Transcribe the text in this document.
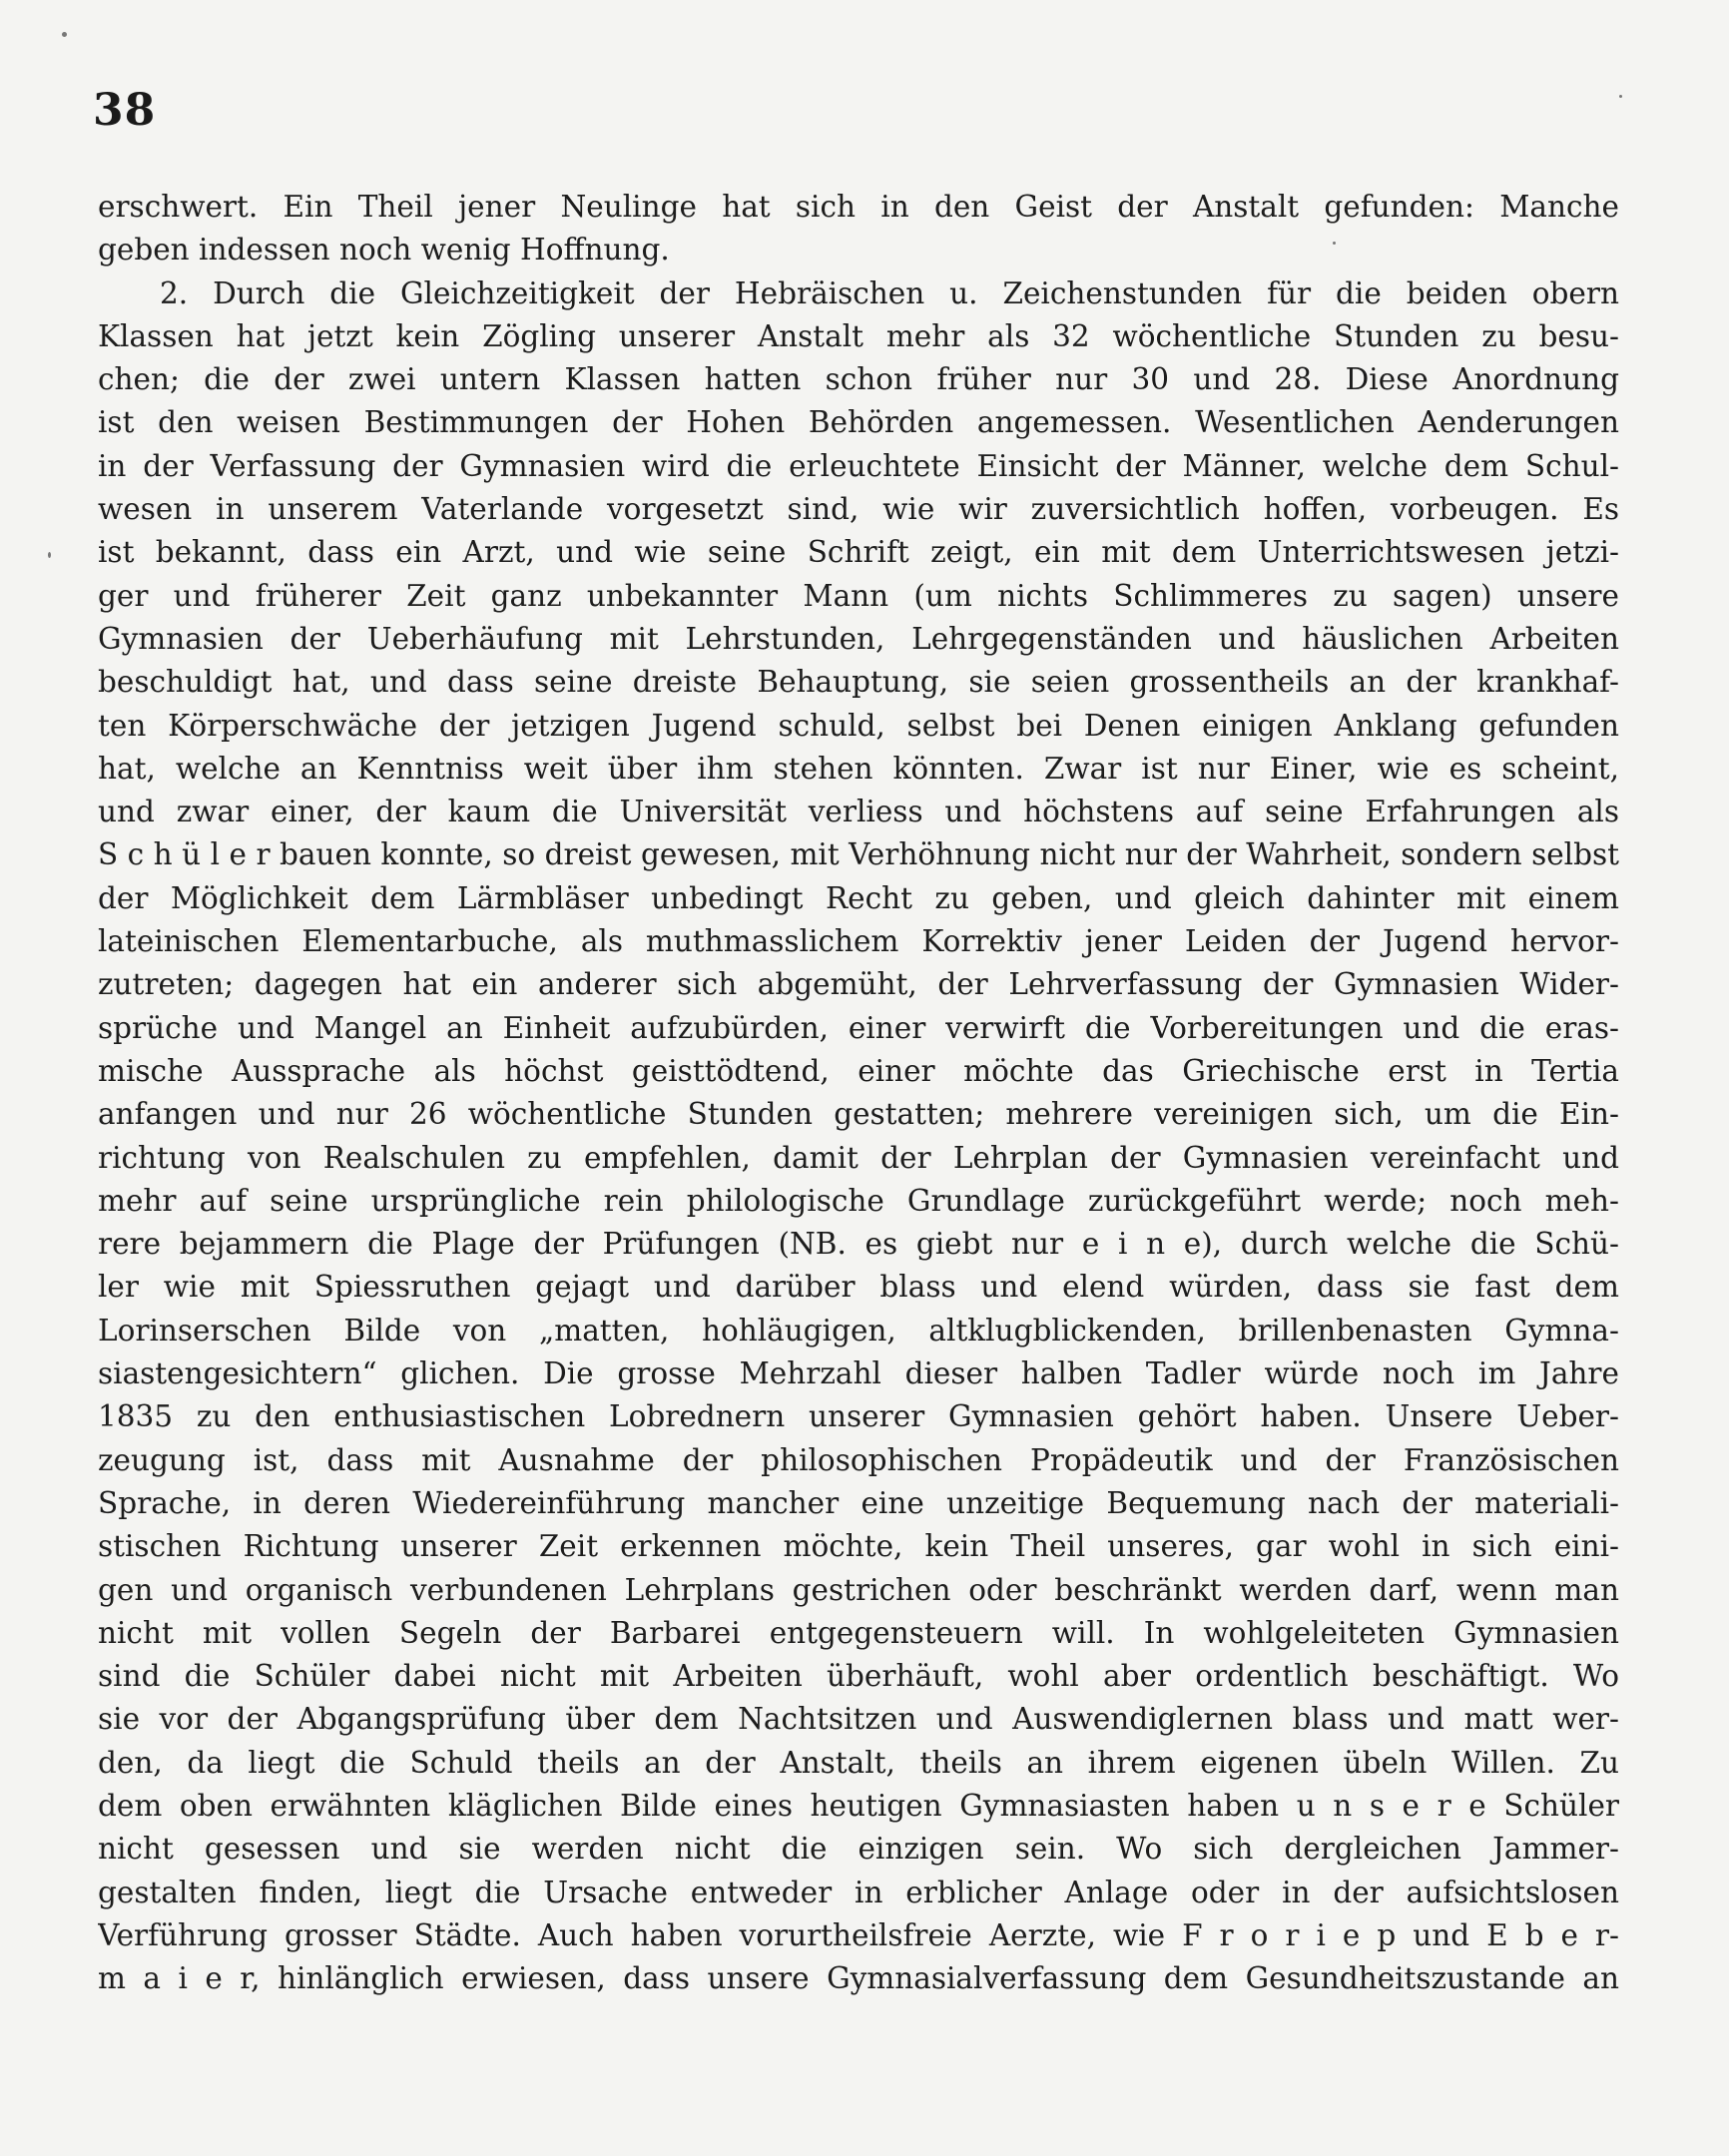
38
erschwert. Ein Theil jener Neulinge hat sich in den Geist der Anstalt gefunden: Manche
geben indessen noch wenig Hoffnung.
2. Durch die Gleichzeitigkeit der Hebräischen u. Zeichenstunden für die beiden obern
Klassen hat jetzt kein Zögling unserer Anstalt mehr als 32 wöchentliche Stunden zu besu-
chen; die der zwei untern Klassen hatten schon früher nur 30 und 28. Diese Anordnung
ist den weisen Bestimmungen der Hohen Behörden angemessen. Wesentlichen Aenderungen
in der Verfassung der Gymnasien wird die erleuchtete Einsicht der Männer, welche dem Schul-
wesen in unserem Vaterlande vorgesetzt sind, wie wir zuversichtlich hoffen, vorbeugen. Es
ist bekannt, dass ein Arzt, und wie seine Schrift zeigt, ein mit dem Unterrichtswesen jetzi-
ger und früherer Zeit ganz unbekannter Mann (um nichts Schlimmeres zu sagen) unsere
Gymnasien der Ueberhäufung mit Lehrstunden, Lehrgegenständen und häuslichen Arbeiten
beschuldigt hat, und dass seine dreiste Behauptung, sie seien grossentheils an der krankhaf-
ten Körperschwäche der jetzigen Jugend schuld, selbst bei Denen einigen Anklang gefunden
hat, welche an Kenntniss weit über ihm stehen könnten. Zwar ist nur Einer, wie es scheint,
und zwar einer, der kaum die Universität verliess und höchstens auf seine Erfahrungen als
S c h ü l e r bauen konnte, so dreist gewesen, mit Verhöhnung nicht nur der Wahrheit, sondern selbst
der Möglichkeit dem Lärmbläser unbedingt Recht zu geben, und gleich dahinter mit einem
lateinischen Elementarbuche, als muthmasslichem Korrektiv jener Leiden der Jugend hervor-
zutreten; dagegen hat ein anderer sich abgemüht, der Lehrverfassung der Gymnasien Wider-
sprüche und Mangel an Einheit aufzubürden, einer verwirft die Vorbereitungen und die eras-
mische Aussprache als höchst geisttödtend, einer möchte das Griechische erst in Tertia
anfangen und nur 26 wöchentliche Stunden gestatten; mehrere vereinigen sich, um die Ein-
richtung von Realschulen zu empfehlen, damit der Lehrplan der Gymnasien vereinfacht und
mehr auf seine ursprüngliche rein philologische Grundlage zurückgeführt werde; noch meh-
rere bejammern die Plage der Prüfungen (NB. es giebt nur e i n e), durch welche die Schü-
ler wie mit Spiessruthen gejagt und darüber blass und elend würden, dass sie fast dem
Lorinserschen Bilde von „matten, hohläugigen, altklugblickenden, brillenbenasten Gymna-
siastengesichtern“ glichen. Die grosse Mehrzahl dieser halben Tadler würde noch im Jahre
1835 zu den enthusiastischen Lobrednern unserer Gymnasien gehört haben. Unsere Ueber-
zeugung ist, dass mit Ausnahme der philosophischen Propädeutik und der Französischen
Sprache, in deren Wiedereinführung mancher eine unzeitige Bequemung nach der materiali-
stischen Richtung unserer Zeit erkennen möchte, kein Theil unseres, gar wohl in sich eini-
gen und organisch verbundenen Lehrplans gestrichen oder beschränkt werden darf, wenn man
nicht mit vollen Segeln der Barbarei entgegensteuern will. In wohlgeleiteten Gymnasien
sind die Schüler dabei nicht mit Arbeiten überhäuft, wohl aber ordentlich beschäftigt. Wo
sie vor der Abgangsprüfung über dem Nachtsitzen und Auswendiglernen blass und matt wer-
den, da liegt die Schuld theils an der Anstalt, theils an ihrem eigenen übeln Willen. Zu
dem oben erwähnten kläglichen Bilde eines heutigen Gymnasiasten haben u n s e r e Schüler
nicht gesessen und sie werden nicht die einzigen sein. Wo sich dergleichen Jammer-
gestalten finden, liegt die Ursache entweder in erblicher Anlage oder in der aufsichtslosen
Verführung grosser Städte. Auch haben vorurtheilsfreie Aerzte, wie F r o r i e p und E b e r-
m a i e r, hinlänglich erwiesen, dass unsere Gymnasialverfassung dem Gesundheitszustande an
